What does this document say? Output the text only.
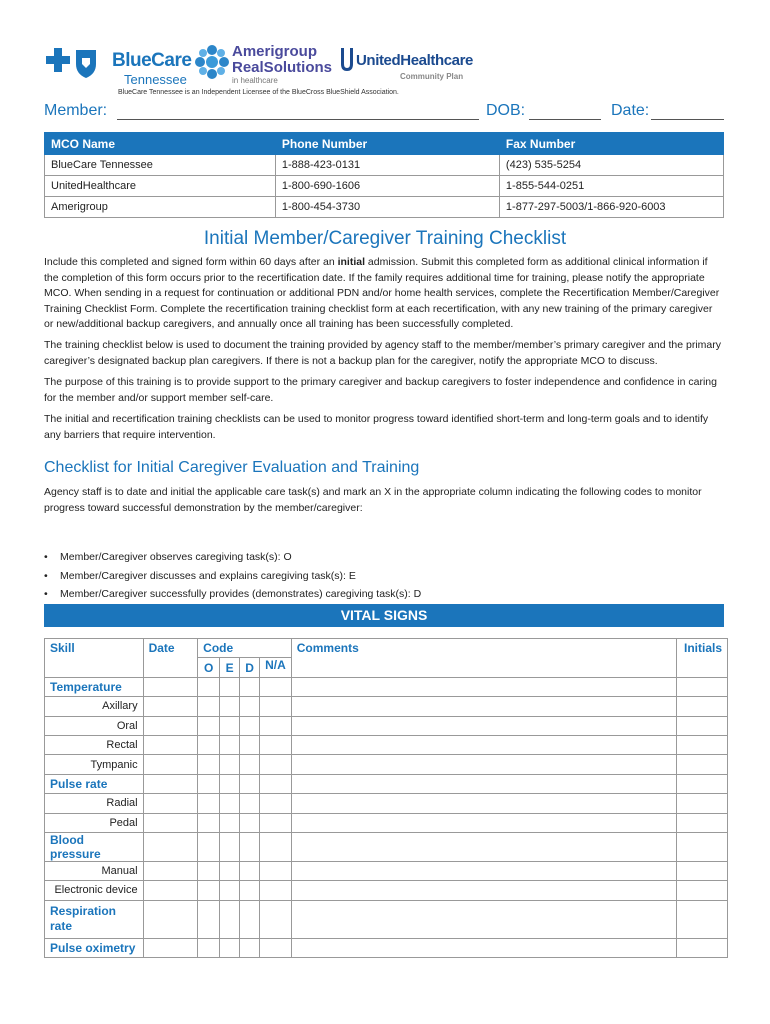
BlueCare
Tennessee
Amerigroup
RealSolutions
in healthcare
UnitedHealthcare
Community Plan
BlueCare Tennessee is an Independent Licensee of the BlueCross BlueShield Association.
Member:	DOB:	Date:
MCO Name	Phone Number	Fax Number
BlueCare Tennessee	1-888-423-0131	(423) 535-5254
UnitedHealthcare	1-800-690-1606	1-855-544-0251
Amerigroup	1-800-454-3730	1-877-297-5003/1-866-920-6003
Initial Member/Caregiver Training Checklist
Include this completed and signed form within 60 days after an initial admission. Submit this completed form as additional clinical information if the completion of this form occurs prior to the recertification date. If the family requires additional time for training, please notify the appropriate MCO. When sending in a request for continuation or additional PDN and/or home health services, complete the Recertification Member/Caregiver Training Checklist Form. Complete the recertification training checklist form at each recertification, with any new training of the primary caregiver or new/additional backup caregivers, and annually once all training has been successfully completed.
The training checklist below is used to document the training provided by agency staff to the member/member’s primary caregiver and the primary caregiver’s designated backup plan caregivers. If there is not a backup plan for the caregiver, notify the appropriate MCO to discuss.
The purpose of this training is to provide support to the primary caregiver and backup caregivers to foster independence and confidence in caring for the member and/or support member self-care.
The initial and recertification training checklists can be used to monitor progress toward identified short-term and long-term goals and to identify any barriers that require intervention.
Checklist for Initial Caregiver Evaluation and Training
Agency staff is to date and initial the applicable care task(s) and mark an X in the appropriate column indicating the following codes to monitor progress toward successful demonstration by the member/caregiver:
• Member/Caregiver observes caregiving task(s): O
• Member/Caregiver discusses and explains caregiving task(s): E
• Member/Caregiver successfully provides (demonstrates) caregiving task(s): D
•
VITAL SIGNS
Skill	Date	Code				Comments	Initials
		O	E	D	N/A		
Temperature							
Axillary							
Oral							
Rectal							
Tympanic							
Pulse rate							
Radial							
Pedal							
Blood pressure							
Manual							
Electronic device							
Respiration rate							
Pulse oximetry							
